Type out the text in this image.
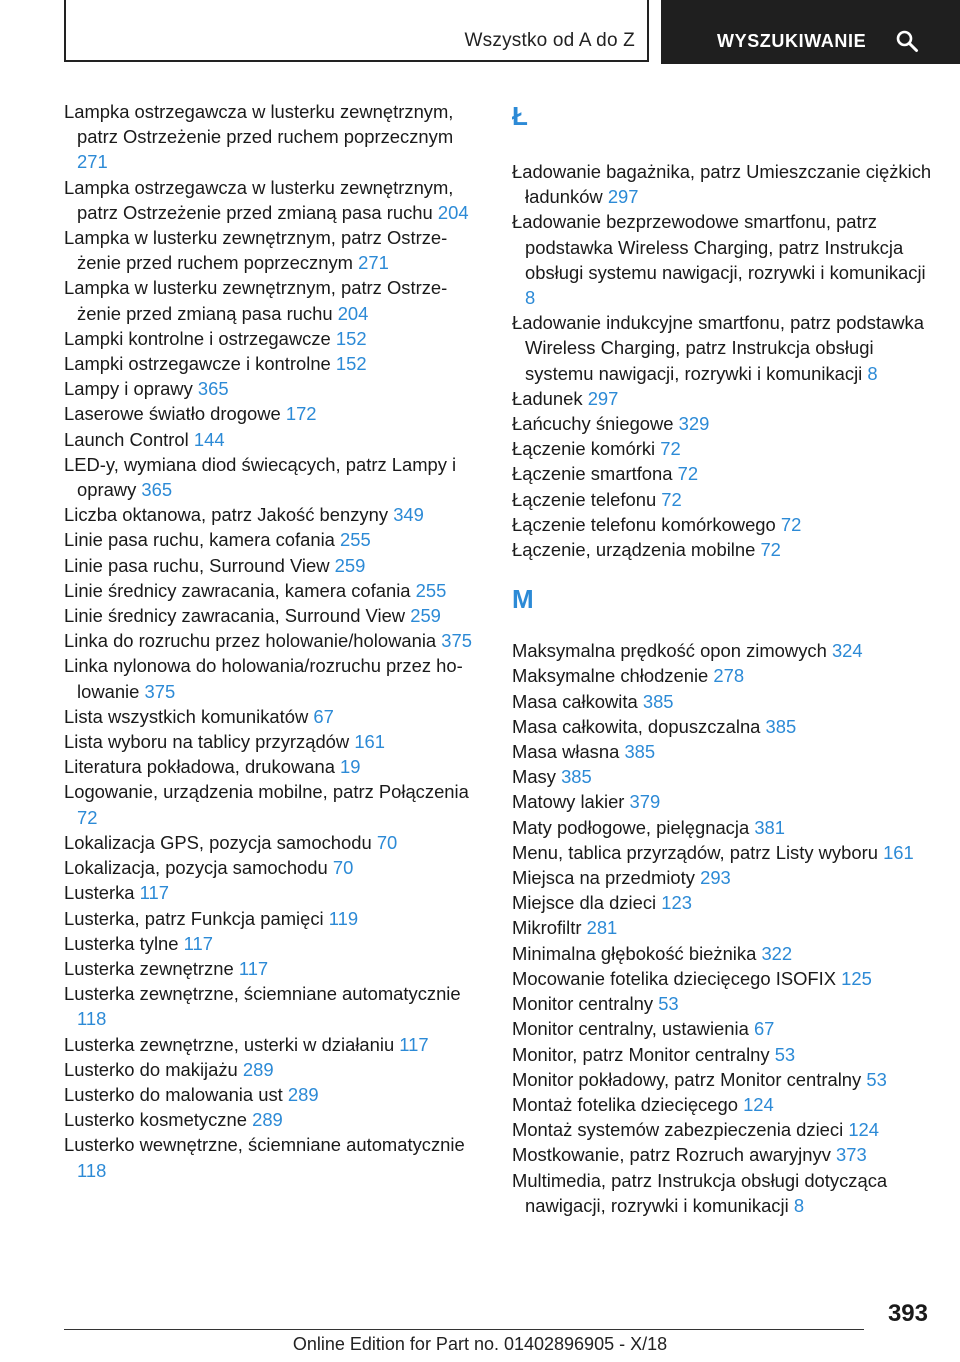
Wszystko od A do Z	WYSZUKIWANIE
Lampka ostrzegawcza w lusterku zewnętrznym, patrz Ostrzeżenie przed ruchem poprzecznym 271
Lampka ostrzegawcza w lusterku zewnętrznym, patrz Ostrzeżenie przed zmianą pasa ruchu 204
Lampka w lusterku zewnętrznym, patrz Ostrzeżenie przed ruchem poprzecznym 271
Lampka w lusterku zewnętrznym, patrz Ostrzeżenie przed zmianą pasa ruchu 204
Lampki kontrolne i ostrzegawcze 152
Lampki ostrzegawcze i kontrolne 152
Lampy i oprawy 365
Laserowe światło drogowe 172
Launch Control 144
LED-y, wymiana diod świecących, patrz Lampy i oprawy 365
Liczba oktanowa, patrz Jakość benzyny 349
Linie pasa ruchu, kamera cofania 255
Linie pasa ruchu, Surround View 259
Linie średnicy zawracania, kamera cofania 255
Linie średnicy zawracania, Surround View 259
Linka do rozruchu przez holowanie/holowania 375
Linka nylonowa do holowania/rozruchu przez holowanie 375
Lista wszystkich komunikatów 67
Lista wyboru na tablicy przyrządów 161
Literatura pokładowa, drukowana 19
Logowanie, urządzenia mobilne, patrz Połączenia 72
Lokalizacja GPS, pozycja samochodu 70
Lokalizacja, pozycja samochodu 70
Lusterka 117
Lusterka, patrz Funkcja pamięci 119
Lusterka tylne 117
Lusterka zewnętrzne 117
Lusterka zewnętrzne, ściemniane automatycznie 118
Lusterka zewnętrzne, usterki w działaniu 117
Lusterko do makijażu 289
Lusterko do malowania ust 289
Lusterko kosmetyczne 289
Lusterko wewnętrzne, ściemniane automatycznie 118
Ł
Ładowanie bagażnika, patrz Umieszczanie ciężkich ładunków 297
Ładowanie bezprzewodowe smartfonu, patrz podstawka Wireless Charging, patrz Instrukcja obsługi systemu nawigacji, rozrywki i komunikacji 8
Ładowanie indukcyjne smartfonu, patrz podstawka Wireless Charging, patrz Instrukcja obsługi systemu nawigacji, rozrywki i komunikacji 8
Ładunek 297
Łańcuchy śniegowe 329
Łączenie komórki 72
Łączenie smartfona 72
Łączenie telefonu 72
Łączenie telefonu komórkowego 72
Łączenie, urządzenia mobilne 72
M
Maksymalna prędkość opon zimowych 324
Maksymalne chłodzenie 278
Masa całkowita 385
Masa całkowita, dopuszczalna 385
Masa własna 385
Masy 385
Matowy lakier 379
Maty podłogowe, pielęgnacja 381
Menu, tablica przyrządów, patrz Listy wyboru 161
Miejsca na przedmioty 293
Miejsce dla dzieci 123
Mikrofiltr 281
Minimalna głębokość bieżnika 322
Mocowanie fotelika dziecięcego ISOFIX 125
Monitor centralny 53
Monitor centralny, ustawienia 67
Monitor, patrz Monitor centralny 53
Monitor pokładowy, patrz Monitor centralny 53
Montaż fotelika dziecięcego 124
Montaż systemów zabezpieczenia dzieci 124
Mostkowanie, patrz Rozruch awaryjnyv 373
Multimedia, patrz Instrukcja obsługi dotycząca nawigacji, rozrywki i komunikacji 8
393
Online Edition for Part no. 01402896905 - X/18
